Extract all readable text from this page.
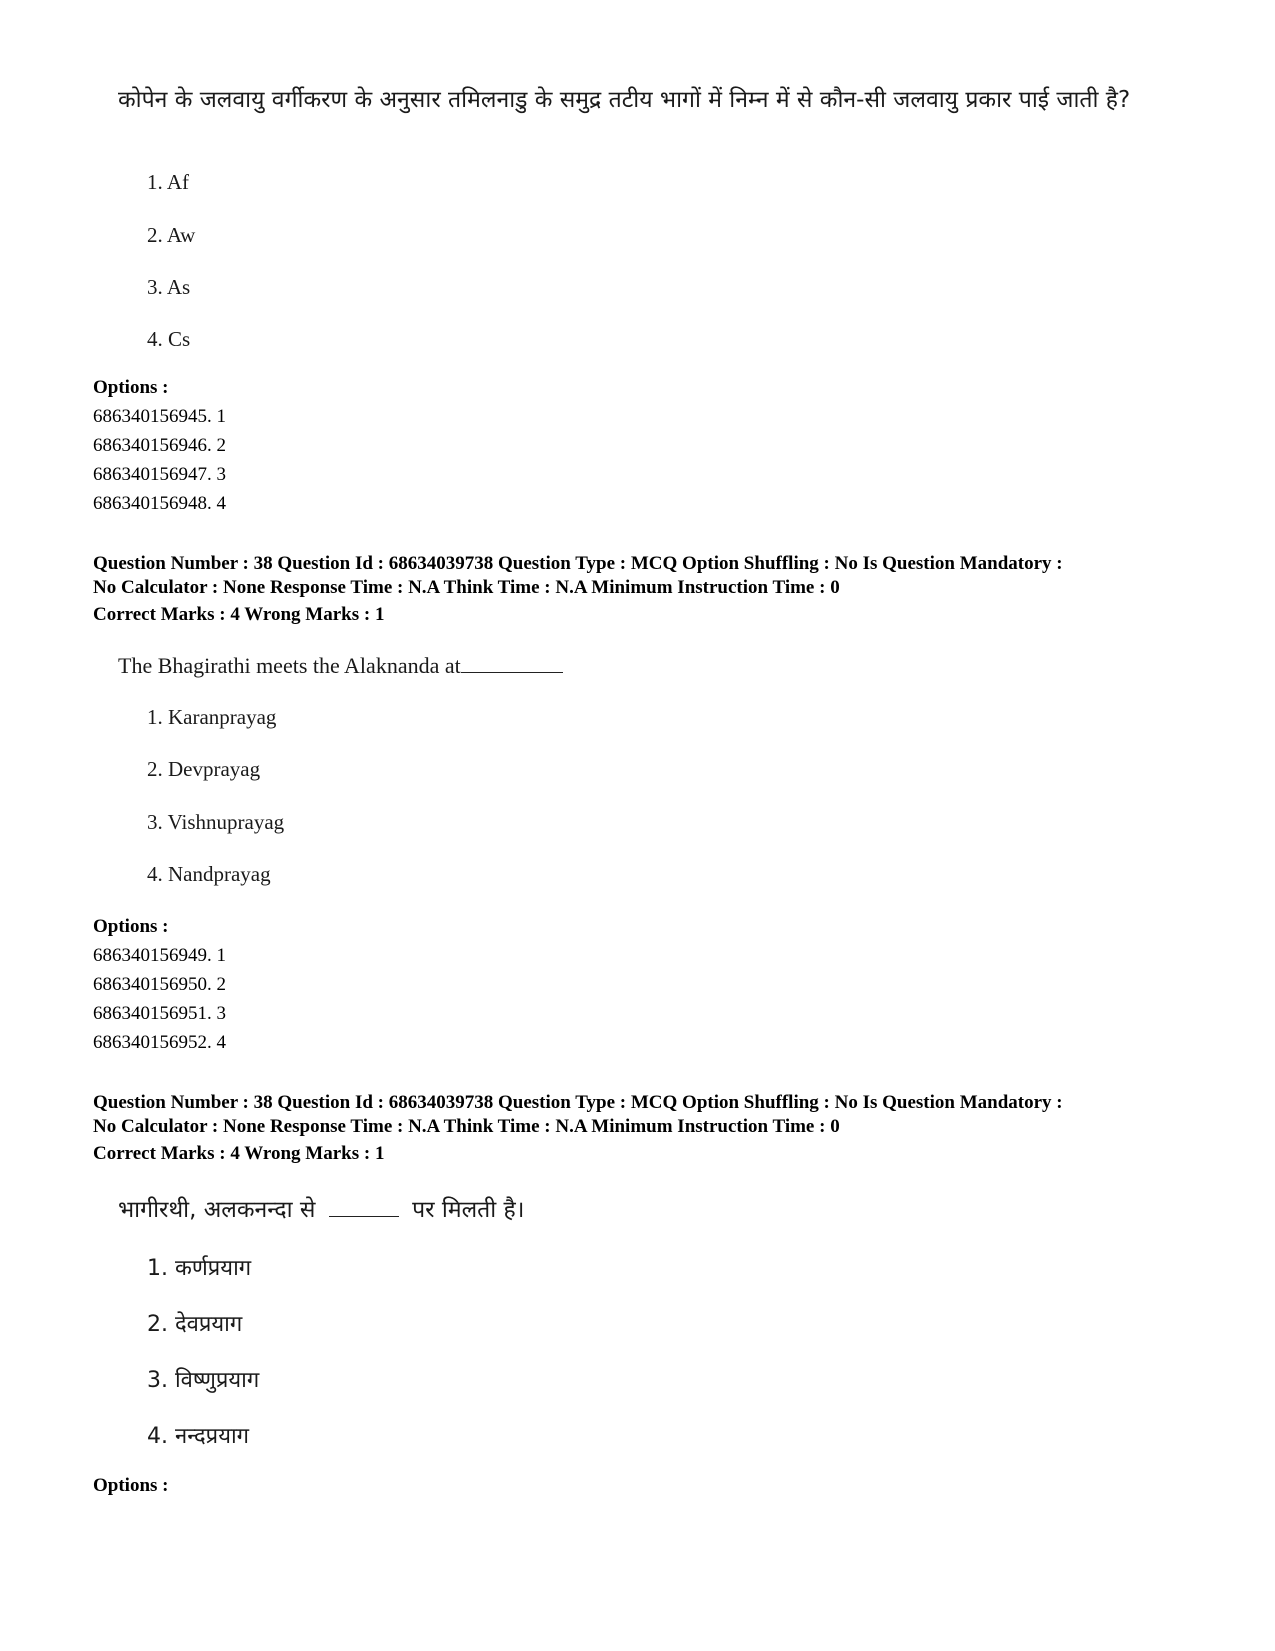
कोपेन के जलवायु वर्गीकरण के अनुसार तमिलनाडु के समुद्र तटीय भागों में निम्न में से कौन-सी जलवायु प्रकार पाई जाती है?
1. Af
2. Aw
3. As
4. Cs
Options :
686340156945. 1
686340156946. 2
686340156947. 3
686340156948. 4
Question Number : 38 Question Id : 68634039738 Question Type : MCQ Option Shuffling : No Is Question Mandatory :
No Calculator : None Response Time : N.A Think Time : N.A Minimum Instruction Time : 0
Correct Marks : 4 Wrong Marks : 1
The Bhagirathi meets the Alaknanda at
1. Karanprayag
2. Devprayag
3. Vishnuprayag
4. Nandprayag
Options :
686340156949. 1
686340156950. 2
686340156951. 3
686340156952. 4
Question Number : 38 Question Id : 68634039738 Question Type : MCQ Option Shuffling : No Is Question Mandatory :
No Calculator : None Response Time : N.A Think Time : N.A Minimum Instruction Time : 0
Correct Marks : 4 Wrong Marks : 1
भागीरथी, अलकनन्दा से	पर मिलती है।
1. कर्णप्रयाग
2. देवप्रयाग
3. विष्णुप्रयाग
4. नन्दप्रयाग
Options :
